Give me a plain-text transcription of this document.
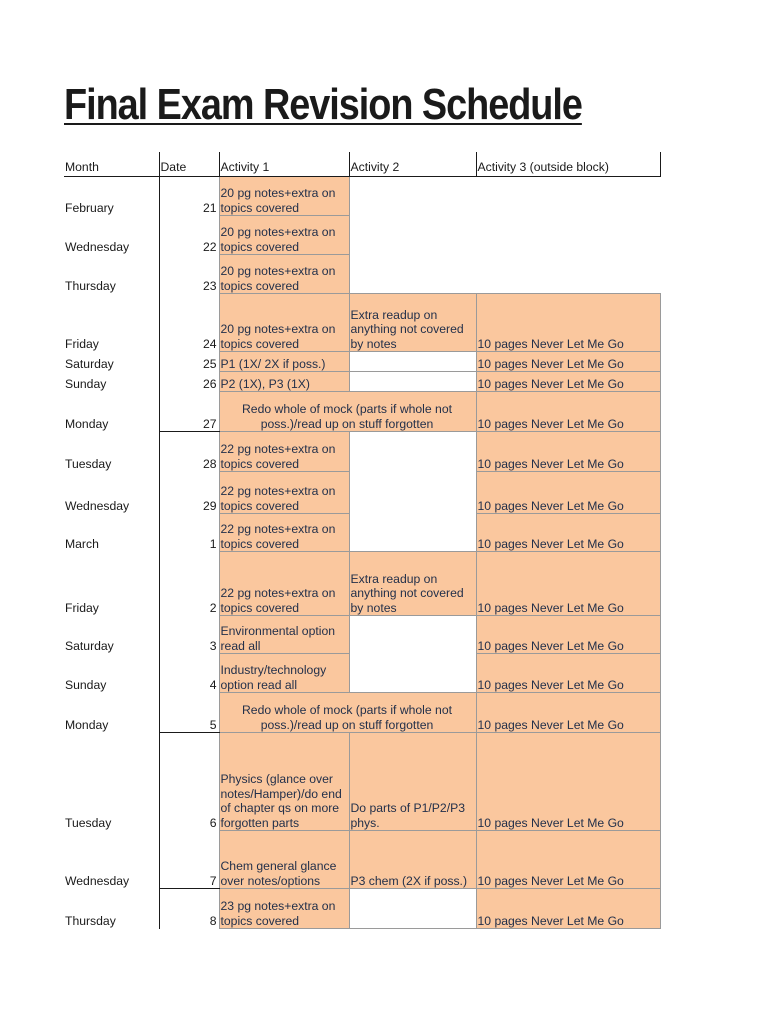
Final Exam Revision Schedule
Month	Date	Activity 1	Activity 2	Activity 3 (outside block)
February	21	20 pg notes+extra on topics covered		
Wednesday	22	20 pg notes+extra on topics covered		
Thursday	23	20 pg notes+extra on topics covered		
Friday	24	20 pg notes+extra on topics covered	Extra readup on anything not covered by notes	10 pages Never Let Me Go
Saturday	25	P1 (1X/ 2X if poss.)		10 pages Never Let Me Go
Sunday	26	P2 (1X), P3 (1X)		10 pages Never Let Me Go
Monday	27	Redo whole of mock (parts if whole not poss.)/read up on stuff forgotten		10 pages Never Let Me Go
Tuesday	28	22 pg notes+extra on topics covered		10 pages Never Let Me Go
Wednesday	29	22 pg notes+extra on topics covered		10 pages Never Let Me Go
March	1	22 pg notes+extra on topics covered		10 pages Never Let Me Go
Friday	2	22 pg notes+extra on topics covered	Extra readup on anything not covered by notes	10 pages Never Let Me Go
Saturday	3	Environmental option read all		10 pages Never Let Me Go
Sunday	4	Industry/technology option read all		10 pages Never Let Me Go
Monday	5	Redo whole of mock (parts if whole not poss.)/read up on stuff forgotten		10 pages Never Let Me Go
Tuesday	6	Physics (glance over notes/Hamper)/do end of chapter qs on more forgotten parts	Do parts of P1/P2/P3 phys.	10 pages Never Let Me Go
Wednesday	7	Chem general glance over notes/options	P3 chem (2X if poss.)	10 pages Never Let Me Go
Thursday	8	23 pg notes+extra on topics covered		10 pages Never Let Me Go
